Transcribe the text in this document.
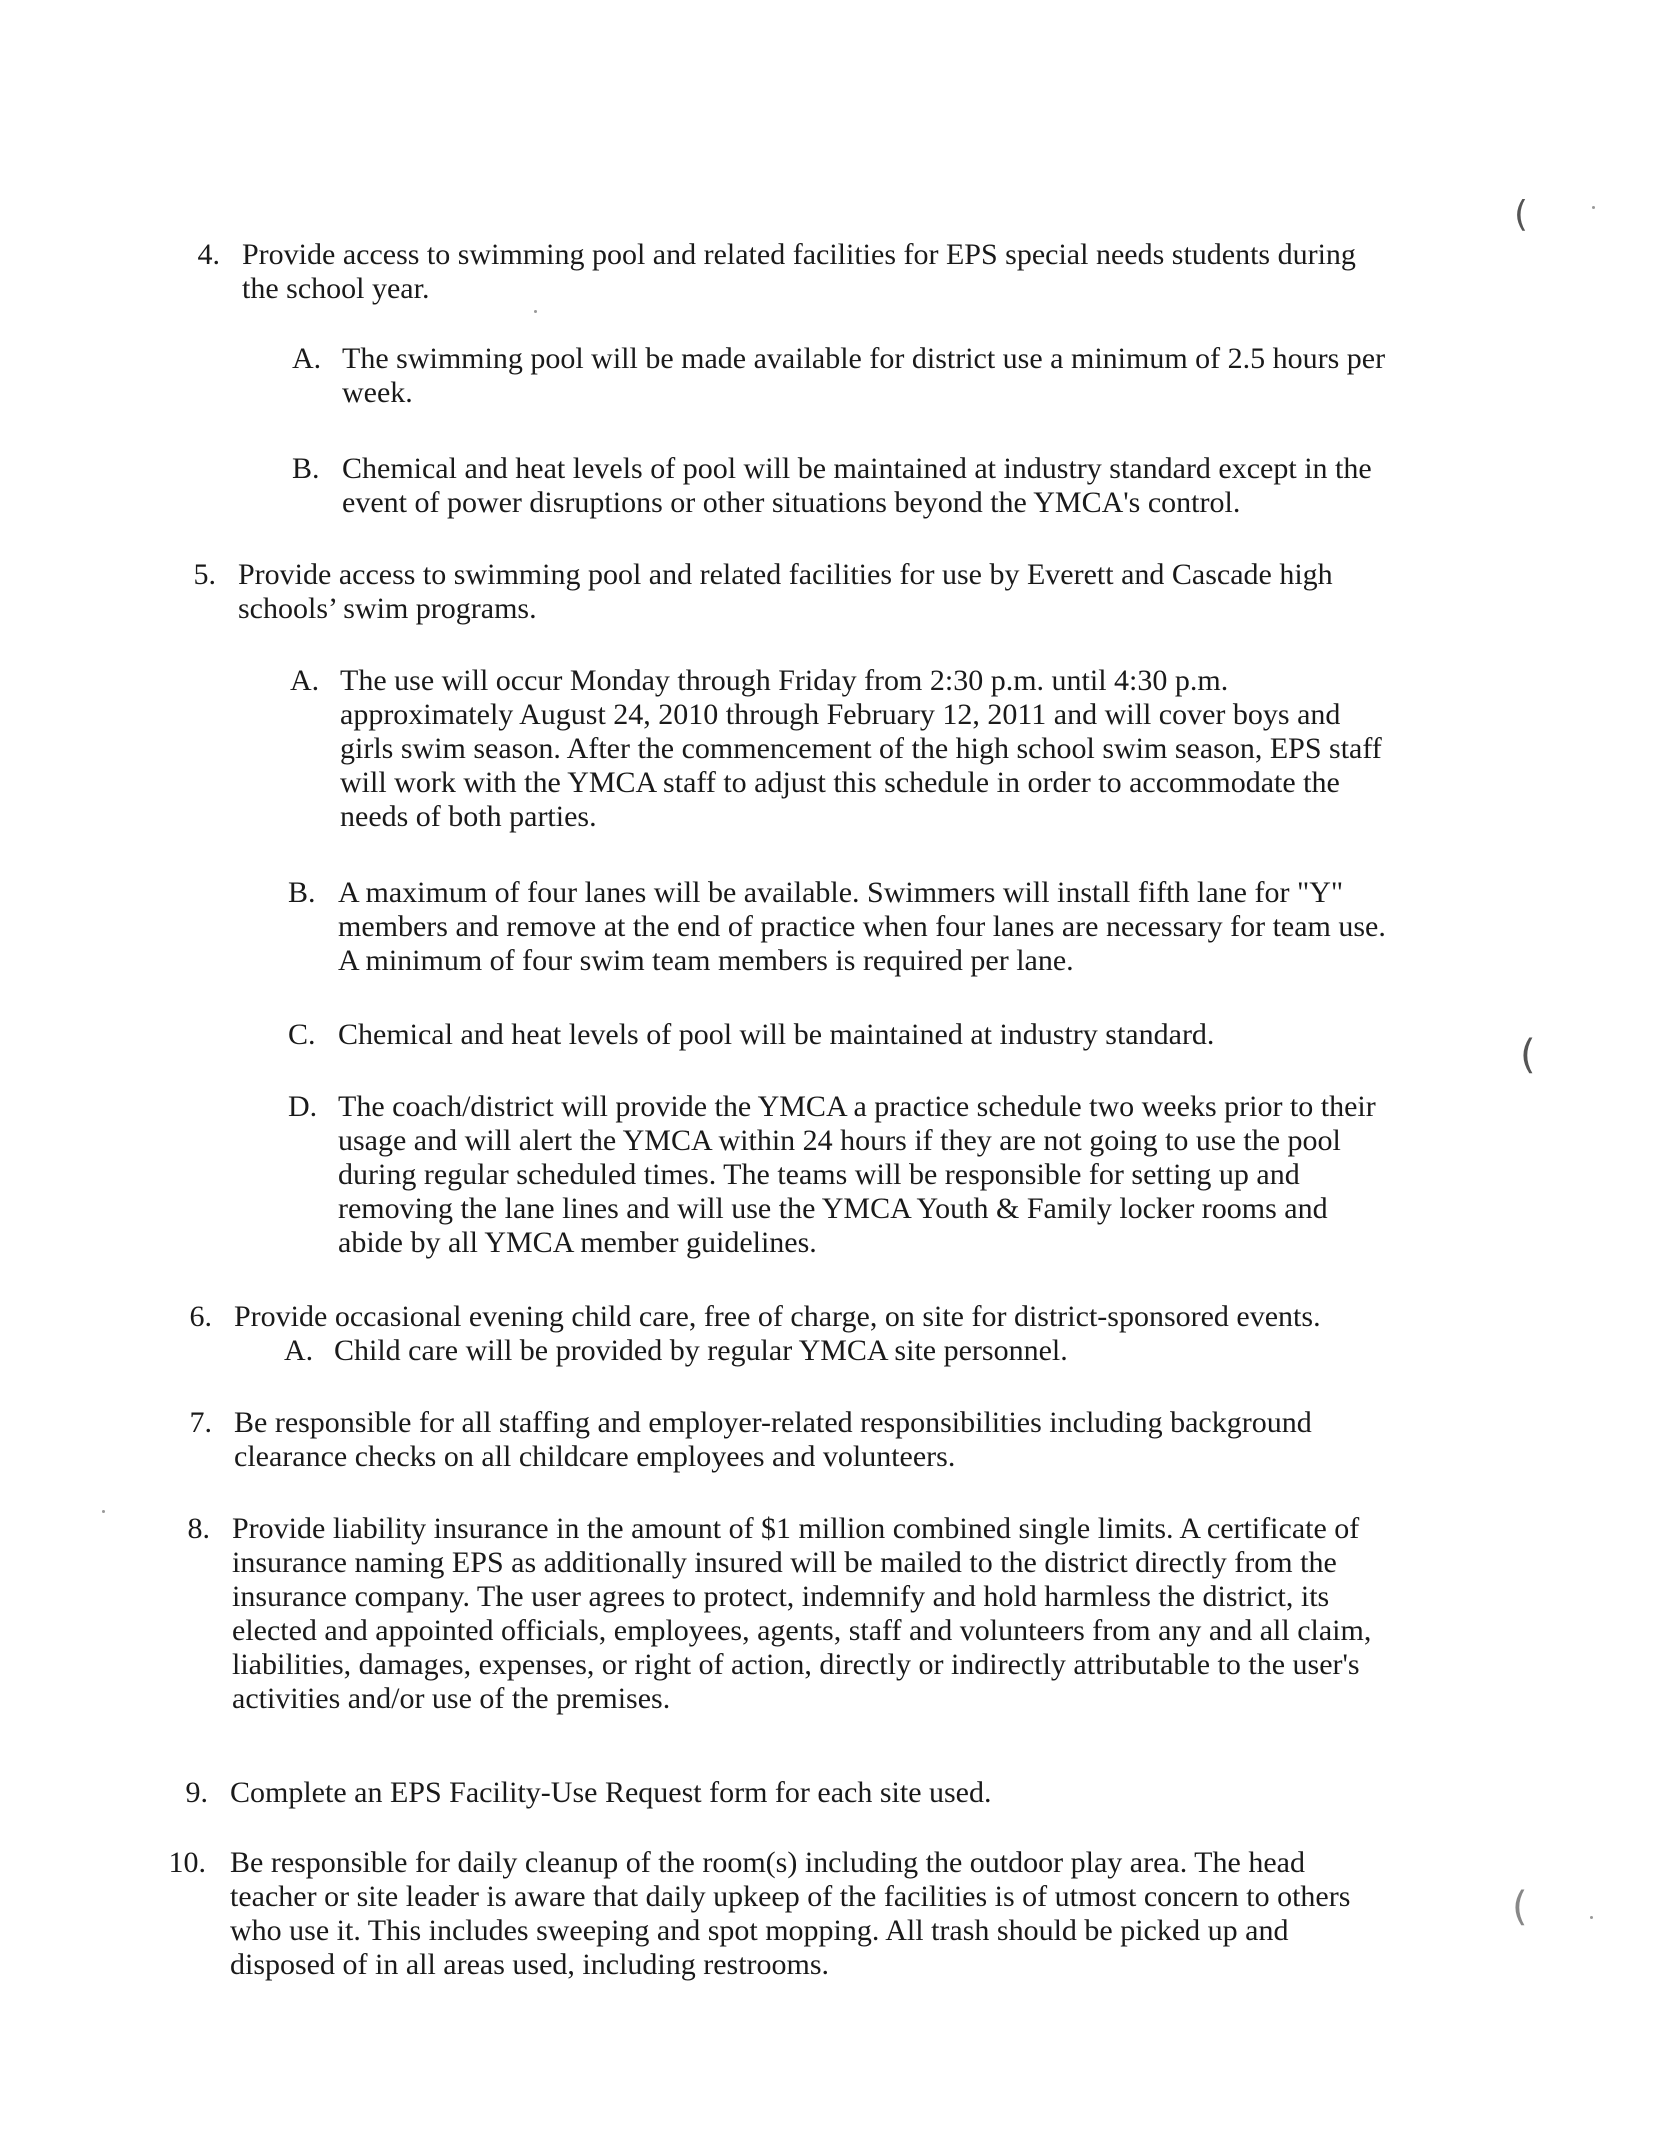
4. Provide access to swimming pool and related facilities for EPS special needs students during
the school year.
A. The swimming pool will be made available for district use a minimum of 2.5 hours per
week.
B. Chemical and heat levels of pool will be maintained at industry standard except in the
event of power disruptions or other situations beyond the YMCA's control.
5. Provide access to swimming pool and related facilities for use by Everett and Cascade high
schools’ swim programs.
A. The use will occur Monday through Friday from 2:30 p.m. until 4:30 p.m.
approximately August 24, 2010 through February 12, 2011 and will cover boys and
girls swim season. After the commencement of the high school swim season, EPS staff
will work with the YMCA staff to adjust this schedule in order to accommodate the
needs of both parties.
B. A maximum of four lanes will be available. Swimmers will install fifth lane for "Y"
members and remove at the end of practice when four lanes are necessary for team use.
A minimum of four swim team members is required per lane.
C. Chemical and heat levels of pool will be maintained at industry standard.
D. The coach/district will provide the YMCA a practice schedule two weeks prior to their
usage and will alert the YMCA within 24 hours if they are not going to use the pool
during regular scheduled times. The teams will be responsible for setting up and
removing the lane lines and will use the YMCA Youth & Family locker rooms and
abide by all YMCA member guidelines.
6. Provide occasional evening child care, free of charge, on site for district-sponsored events.
A. Child care will be provided by regular YMCA site personnel.
7. Be responsible for all staffing and employer-related responsibilities including background
clearance checks on all childcare employees and volunteers.
8. Provide liability insurance in the amount of $1 million combined single limits. A certificate of
insurance naming EPS as additionally insured will be mailed to the district directly from the
insurance company. The user agrees to protect, indemnify and hold harmless the district, its
elected and appointed officials, employees, agents, staff and volunteers from any and all claim,
liabilities, damages, expenses, or right of action, directly or indirectly attributable to the user's
activities and/or use of the premises.
9. Complete an EPS Facility-Use Request form for each site used.
10. Be responsible for daily cleanup of the room(s) including the outdoor play area. The head
teacher or site leader is aware that daily upkeep of the facilities is of utmost concern to others
who use it. This includes sweeping and spot mopping. All trash should be picked up and
disposed of in all areas used, including restrooms.
(
(
(
